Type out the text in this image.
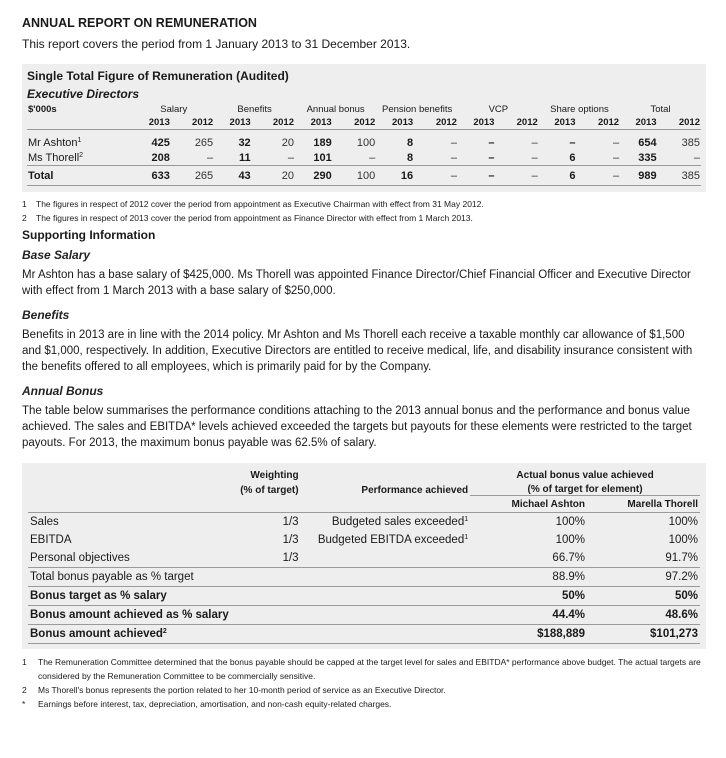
ANNUAL REPORT ON REMUNERATION
This report covers the period from 1 January 2013 to 31 December 2013.
Single Total Figure of Remuneration (Audited)
Executive Directors
$'000s	Salary		Benefits		Annual bonus		Pension benefits		VCP		Share options		Total	
	2013	2012	2013	2012	2013	2012	2013	2012	2013	2012	2013	2012	2013	2012
Mr Ashton$^1$	425	265	32	20	189	100	8	–	–	–	–	–	654	385
Ms Thorell$^2$	208	–	11	–	101	–	8	–	–	–	6	–	335	–
Total	633	265	43	20	290	100	16	–	–	–	6	–	989	385
1 The figures in respect of 2012 cover the period from appointment as Executive Chairman with effect from 31 May 2012.
2 The figures in respect of 2013 cover the period from appointment as Finance Director with effect from 1 March 2013.
Supporting Information
Base Salary
Mr Ashton has a base salary of $425,000. Ms Thorell was appointed Finance Director/Chief Financial Officer and Executive Director with effect from 1 March 2013 with a base salary of $250,000.
Benefits
Benefits in 2013 are in line with the 2014 policy. Mr Ashton and Ms Thorell each receive a taxable monthly car allowance of $1,500 and $1,000, respectively. In addition, Executive Directors are entitled to receive medical, life, and disability insurance consistent with the benefits offered to all employees, which is primarily paid for by the Company.
Annual Bonus
The table below summarises the performance conditions attaching to the 2013 annual bonus and the performance and bonus value achieved. The sales and EBITDA* levels achieved exceeded the targets but payouts for these elements were restricted to the target payouts. For 2013, the maximum bonus payable was 62.5% of salary.
	Weighting		Actual bonus value achieved	
	(% of target)	Performance achieved	(% of target for element)	
			Michael Ashton	Marella Thorell
Sales	1/3	Budgeted sales exceeded$^1$	100%	100%
EBITDA	1/3	Budgeted EBITDA exceeded$^1$	100%	100%
Personal objectives	1/3		66.7%	91.7%
Total bonus payable as % target			88.9%	97.2%
Bonus target as % salary			50%	50%
Bonus amount achieved as % salary			44.4%	48.6%
Bonus amount achieved$^2$			$188,889	$101,273
1	The Remuneration Committee determined that the bonus payable should be capped at the target level for sales and EBITDA* performance above budget. The actual targets are considered by the Remuneration Committee to be commercially sensitive.
2	Ms Thorell's bonus represents the portion related to her 10-month period of service as an Executive Director.
*	Earnings before interest, tax, depreciation, amortisation, and non-cash equity-related charges.
